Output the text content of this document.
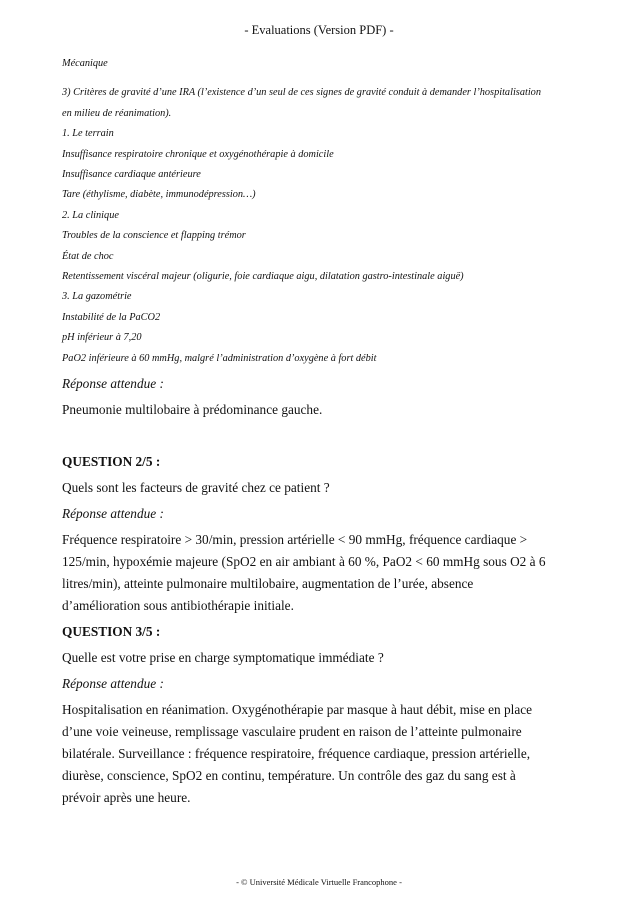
- Evaluations (Version PDF) -

Mécanique

3) Critères de gravité d’une IRA (l’existence d’un seul de ces signes de gravité conduit à demander l’hospitalisation

en milieu de réanimation).

1. Le terrain

Insuffisance respiratoire chronique et oxygénothérapie à domicile

Insuffisance cardiaque antérieure

Tare (éthylisme, diabète, immunodépression…)

2. La clinique

Troubles de la conscience et flapping trémor

État de choc

Retentissement viscéral majeur (oligurie, foie cardiaque aigu, dilatation gastro-intestinale aiguë)

3. La gazométrie

Instabilité de la PaCO2

pH inférieur à 7,20

PaO2 inférieure à 60 mmHg, malgré l’administration d’oxygène à fort débit

Réponse attendue :

Pneumonie multilobaire à prédominance gauche.

QUESTION 2/5 :

Quels sont les facteurs de gravité chez ce patient ?

Réponse attendue :

Fréquence respiratoire > 30/min, pression artérielle < 90 mmHg, fréquence cardiaque >

125/min, hypoxémie majeure (SpO2 en air ambiant à 60 %, PaO2 < 60 mmHg sous O2 à 6

litres/min), atteinte pulmonaire multilobaire, augmentation de l’urée, absence

d’amélioration sous antibiothérapie initiale.

QUESTION 3/5 :

Quelle est votre prise en charge symptomatique immédiate ?

Réponse attendue :

Hospitalisation en réanimation. Oxygénothérapie par masque à haut débit, mise en place

d’une voie veineuse, remplissage vasculaire prudent en raison de l’atteinte pulmonaire

bilatérale. Surveillance : fréquence respiratoire, fréquence cardiaque, pression artérielle,

diurèse, conscience, SpO2 en continu, température. Un contrôle des gaz du sang est à

prévoir après une heure.

- © Université Médicale Virtuelle Francophone -
